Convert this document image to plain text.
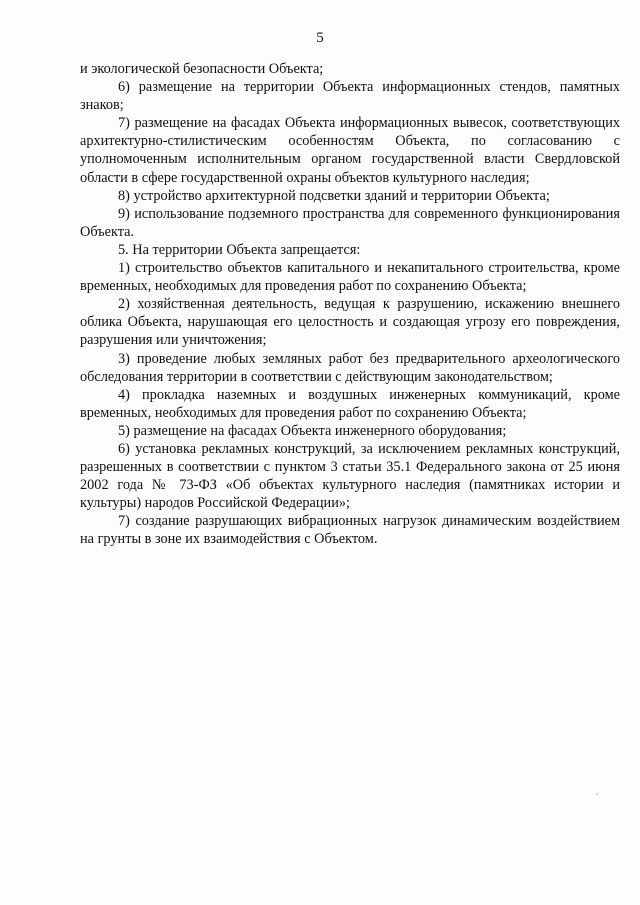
5

и экологической безопасности Объекта;

6) размещение на территории Объекта информационных стендов, памятных знаков;

7) размещение на фасадах Объекта информационных вывесок, соответствующих архитектурно-стилистическим особенностям Объекта, по согласованию с уполномоченным исполнительным органом государственной власти Свердловской области в сфере государственной охраны объектов культурного наследия;

8) устройство архитектурной подсветки зданий и территории Объекта;

9) использование подземного пространства для современного функционирования Объекта.

5. На территории Объекта запрещается:

1) строительство объектов капитального и некапитального строительства, кроме временных, необходимых для проведения работ по сохранению Объекта;

2) хозяйственная деятельность, ведущая к разрушению, искажению внешнего облика Объекта, нарушающая его целостность и создающая угрозу его повреждения, разрушения или уничтожения;

3) проведение любых земляных работ без предварительного археологического обследования территории в соответствии с действующим законодательством;

4) прокладка наземных и воздушных инженерных коммуникаций, кроме временных, необходимых для проведения работ по сохранению Объекта;

5) размещение на фасадах Объекта инженерного оборудования;

6) установка рекламных конструкций, за исключением рекламных конструкций, разрешенных в соответствии с пунктом 3 статьи 35.1 Федерального закона от 25 июня 2002 года № 73-ФЗ «Об объектах культурного наследия (памятниках истории и культуры) народов Российской Федерации»;

7) создание разрушающих вибрационных нагрузок динамическим воздействием на грунты в зоне их взаимодействия с Объектом.
